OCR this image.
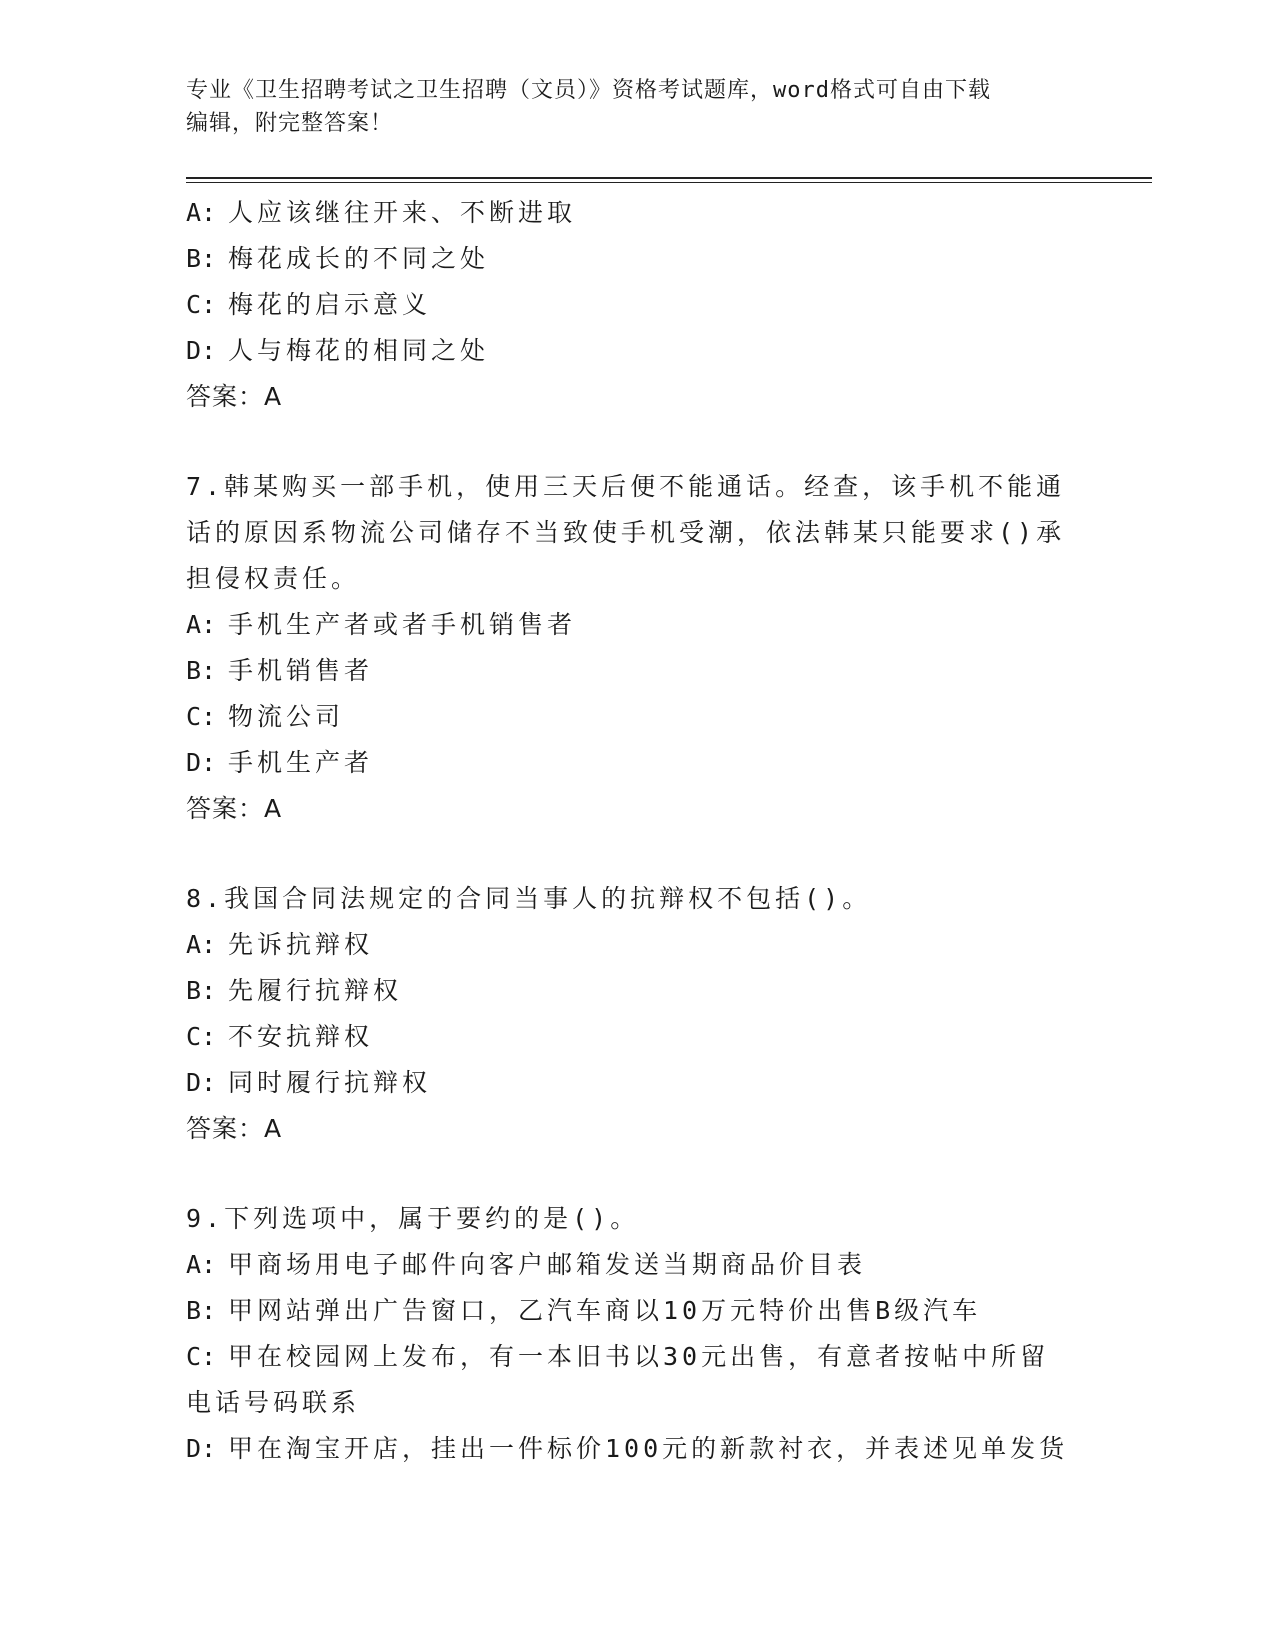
专业《卫生招聘考试之卫生招聘（文员）》资格考试题库，word格式可自由下载
编辑，附完整答案！
A: 人应该继往开来、不断进取
B: 梅花成长的不同之处
C: 梅花的启示意义
D: 人与梅花的相同之处
答案：A
7.韩某购买一部手机，使用三天后便不能通话。经查，该手机不能通
话的原因系物流公司储存不当致使手机受潮，依法韩某只能要求()承
担侵权责任。
A: 手机生产者或者手机销售者
B: 手机销售者
C: 物流公司
D: 手机生产者
答案：A
8.我国合同法规定的合同当事人的抗辩权不包括()。
A: 先诉抗辩权
B: 先履行抗辩权
C: 不安抗辩权
D: 同时履行抗辩权
答案：A
9.下列选项中，属于要约的是()。
A: 甲商场用电子邮件向客户邮箱发送当期商品价目表
B: 甲网站弹出广告窗口，乙汽车商以10万元特价出售B级汽车
C: 甲在校园网上发布，有一本旧书以30元出售，有意者按帖中所留
电话号码联系
D: 甲在淘宝开店，挂出一件标价100元的新款衬衣，并表述见单发货
